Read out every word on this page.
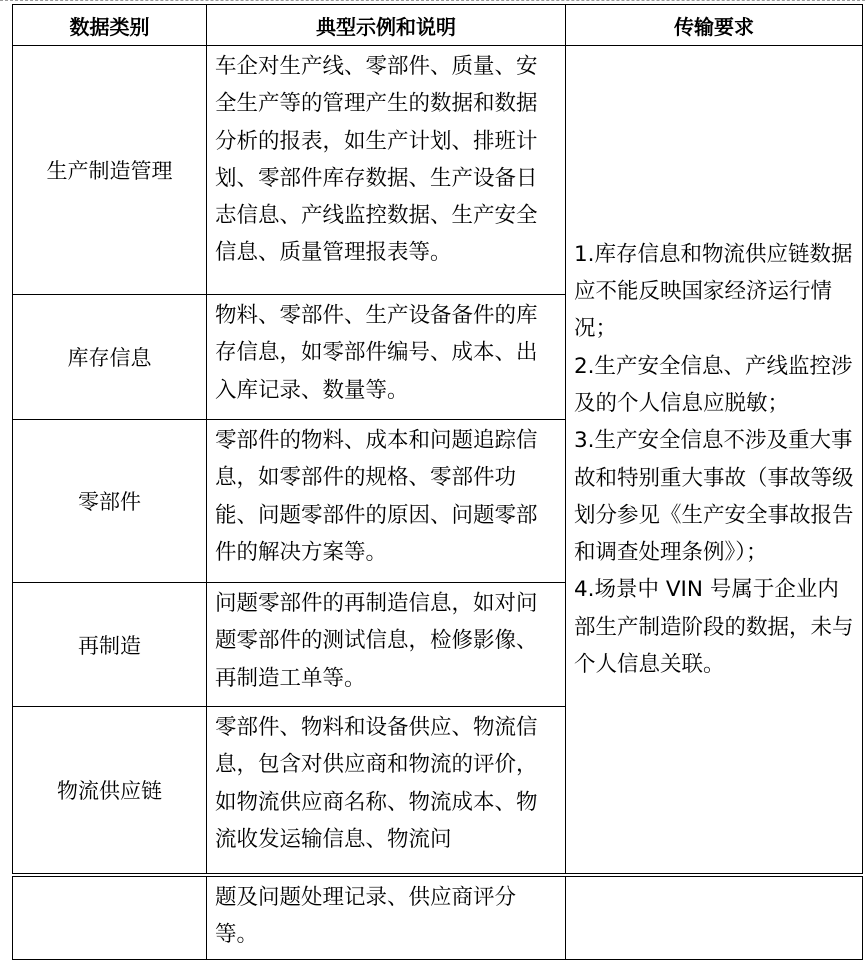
数据类别	典型示例和说明	传输要求
生产制造管理	车企对生产线、零部件、质量、安全生产等的管理产生的数据和数据分析的报表，如生产计划、排班计划、零部件库存数据、生产设备日志信息、产线监控数据、生产安全信息、质量管理报表等。	1.库存信息和物流供应链数据应不能反映国家经济运行情况；
2.生产安全信息、产线监控涉及的个人信息应脱敏；
3.生产安全信息不涉及重大事故和特别重大事故（事故等级划分参见《生产安全事故报告和调查处理条例》）；
4.场景中 VIN 号属于企业内部生产制造阶段的数据，未与个人信息关联。

库存信息	物料、零部件、生产设备备件的库存信息，如零部件编号、成本、出入库记录、数量等。	
零部件	零部件的物料、成本和问题追踪信息，如零部件的规格、零部件功能、问题零部件的原因、问题零部件的解决方案等。	
再制造	问题零部件的再制造信息，如对问题零部件的测试信息，检修影像、再制造工单等。	
物流供应链	零部件、物料和设备供应、物流信息，包含对供应商和物流的评价，如物流供应商名称、物流成本、物流收发运输信息、物流问	

	题及问题处理记录、供应商评分等。	
